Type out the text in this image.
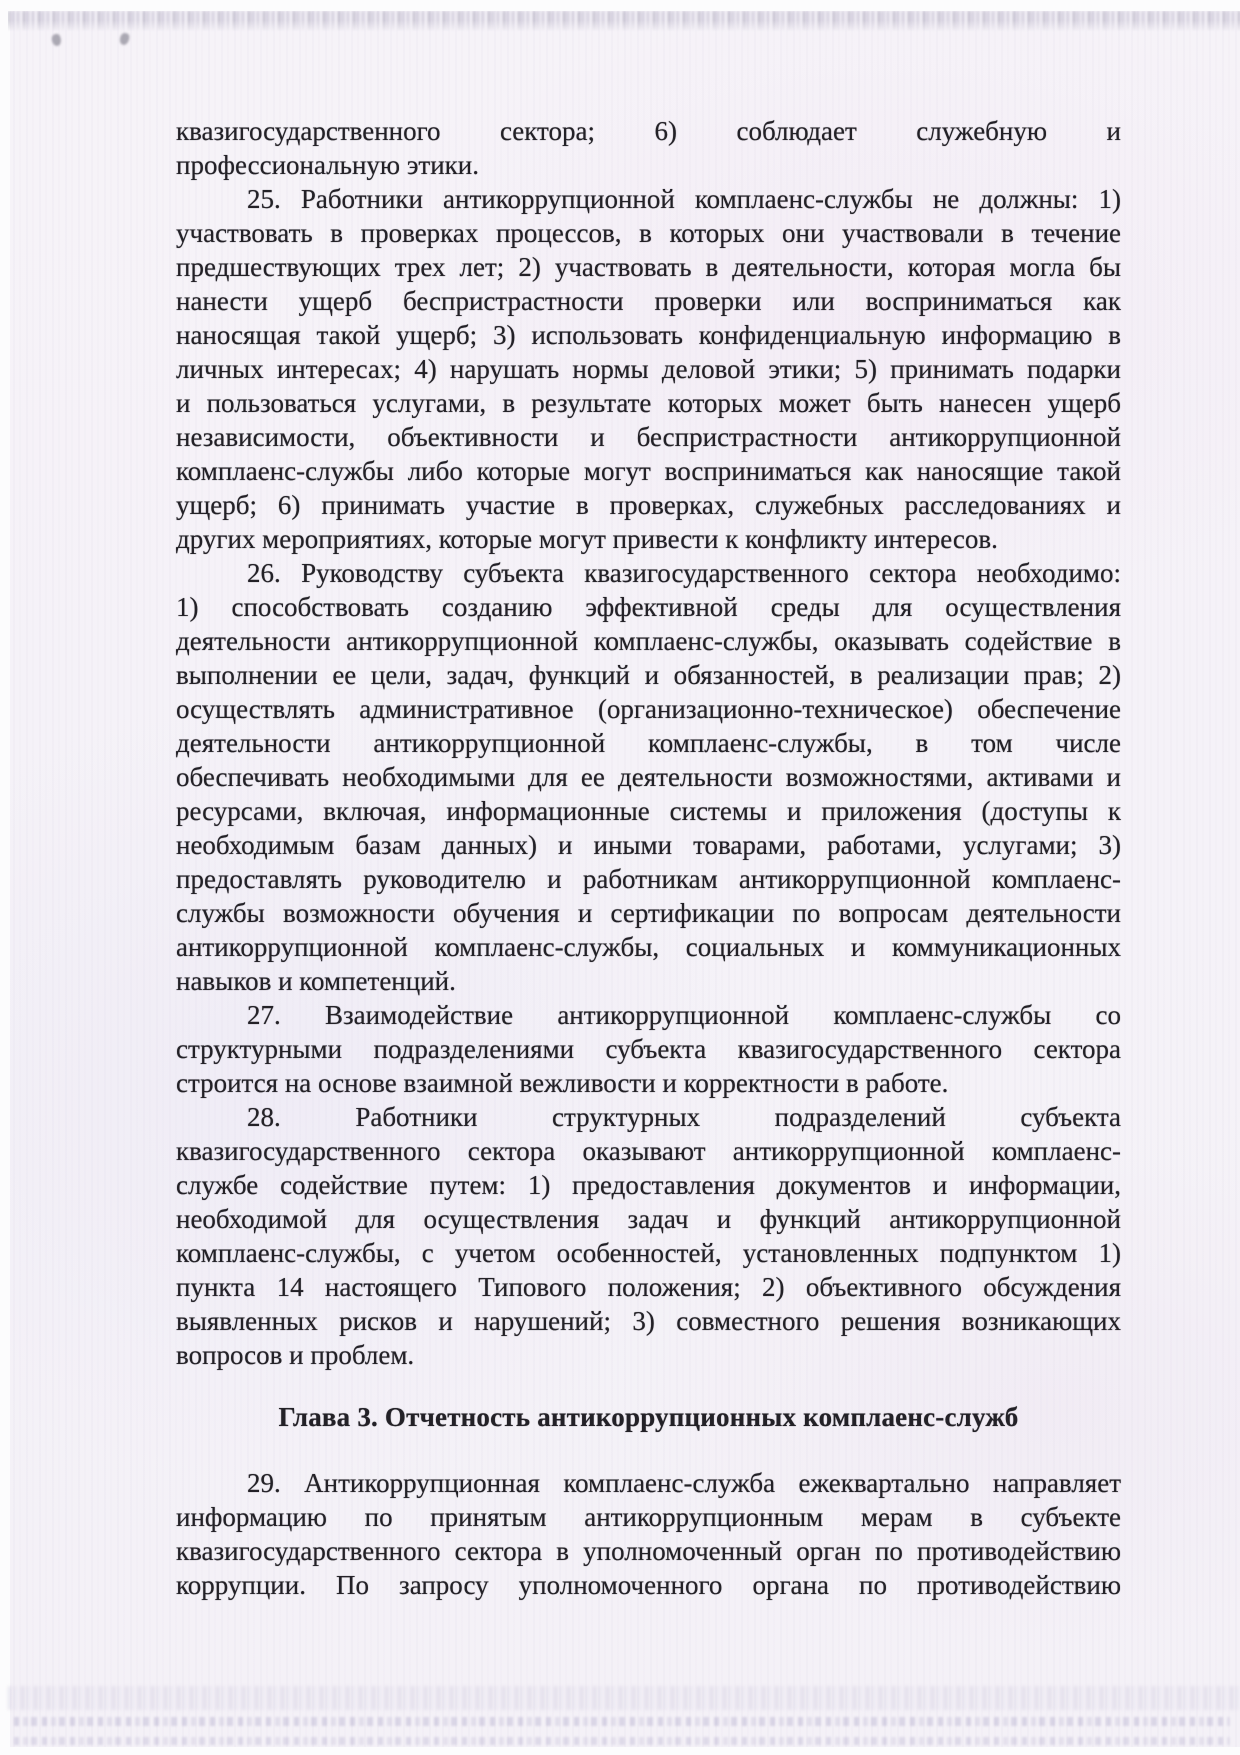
квазигосударственного сектора; 6) соблюдает служебную и
профессиональную этики.
25. Работники антикоррупционной комплаенс-службы не должны: 1)
участвовать в проверках процессов, в которых они участвовали в течение
предшествующих трех лет; 2) участвовать в деятельности, которая могла бы
нанести ущерб беспристрастности проверки или восприниматься как
наносящая такой ущерб; 3) использовать конфиденциальную информацию в
личных интересах; 4) нарушать нормы деловой этики; 5) принимать подарки
и пользоваться услугами, в результате которых может быть нанесен ущерб
независимости, объективности и беспристрастности антикоррупционной
комплаенс-службы либо которые могут восприниматься как наносящие такой
ущерб; 6) принимать участие в проверках, служебных расследованиях и
других мероприятиях, которые могут привести к конфликту интересов.
26. Руководству субъекта квазигосударственного сектора необходимо:
1) способствовать созданию эффективной среды для осуществления
деятельности антикоррупционной комплаенс-службы, оказывать содействие в
выполнении ее цели, задач, функций и обязанностей, в реализации прав; 2)
осуществлять административное (организационно-техническое) обеспечение
деятельности антикоррупционной комплаенс-службы, в том числе
обеспечивать необходимыми для ее деятельности возможностями, активами и
ресурсами, включая, информационные системы и приложения (доступы к
необходимым базам данных) и иными товарами, работами, услугами; 3)
предоставлять руководителю и работникам антикоррупционной комплаенс-
службы возможности обучения и сертификации по вопросам деятельности
антикоррупционной комплаенс-службы, социальных и коммуникационных
навыков и компетенций.
27. Взаимодействие антикоррупционной комплаенс-службы со
структурными подразделениями субъекта квазигосударственного сектора
строится на основе взаимной вежливости и корректности в работе.
28. Работники структурных подразделений субъекта
квазигосударственного сектора оказывают антикоррупционной комплаенс-
службе содействие путем: 1) предоставления документов и информации,
необходимой для осуществления задач и функций антикоррупционной
комплаенс-службы, с учетом особенностей, установленных подпунктом 1)
пункта 14 настоящего Типового положения; 2) объективного обсуждения
выявленных рисков и нарушений; 3) совместного решения возникающих
вопросов и проблем.
Глава 3. Отчетность антикоррупционных комплаенс-служб
29. Антикоррупционная комплаенс-служба ежеквартально направляет
информацию по принятым антикоррупционным мерам в субъекте
квазигосударственного сектора в уполномоченный орган по противодействию
коррупции. По запросу уполномоченного органа по противодействию
